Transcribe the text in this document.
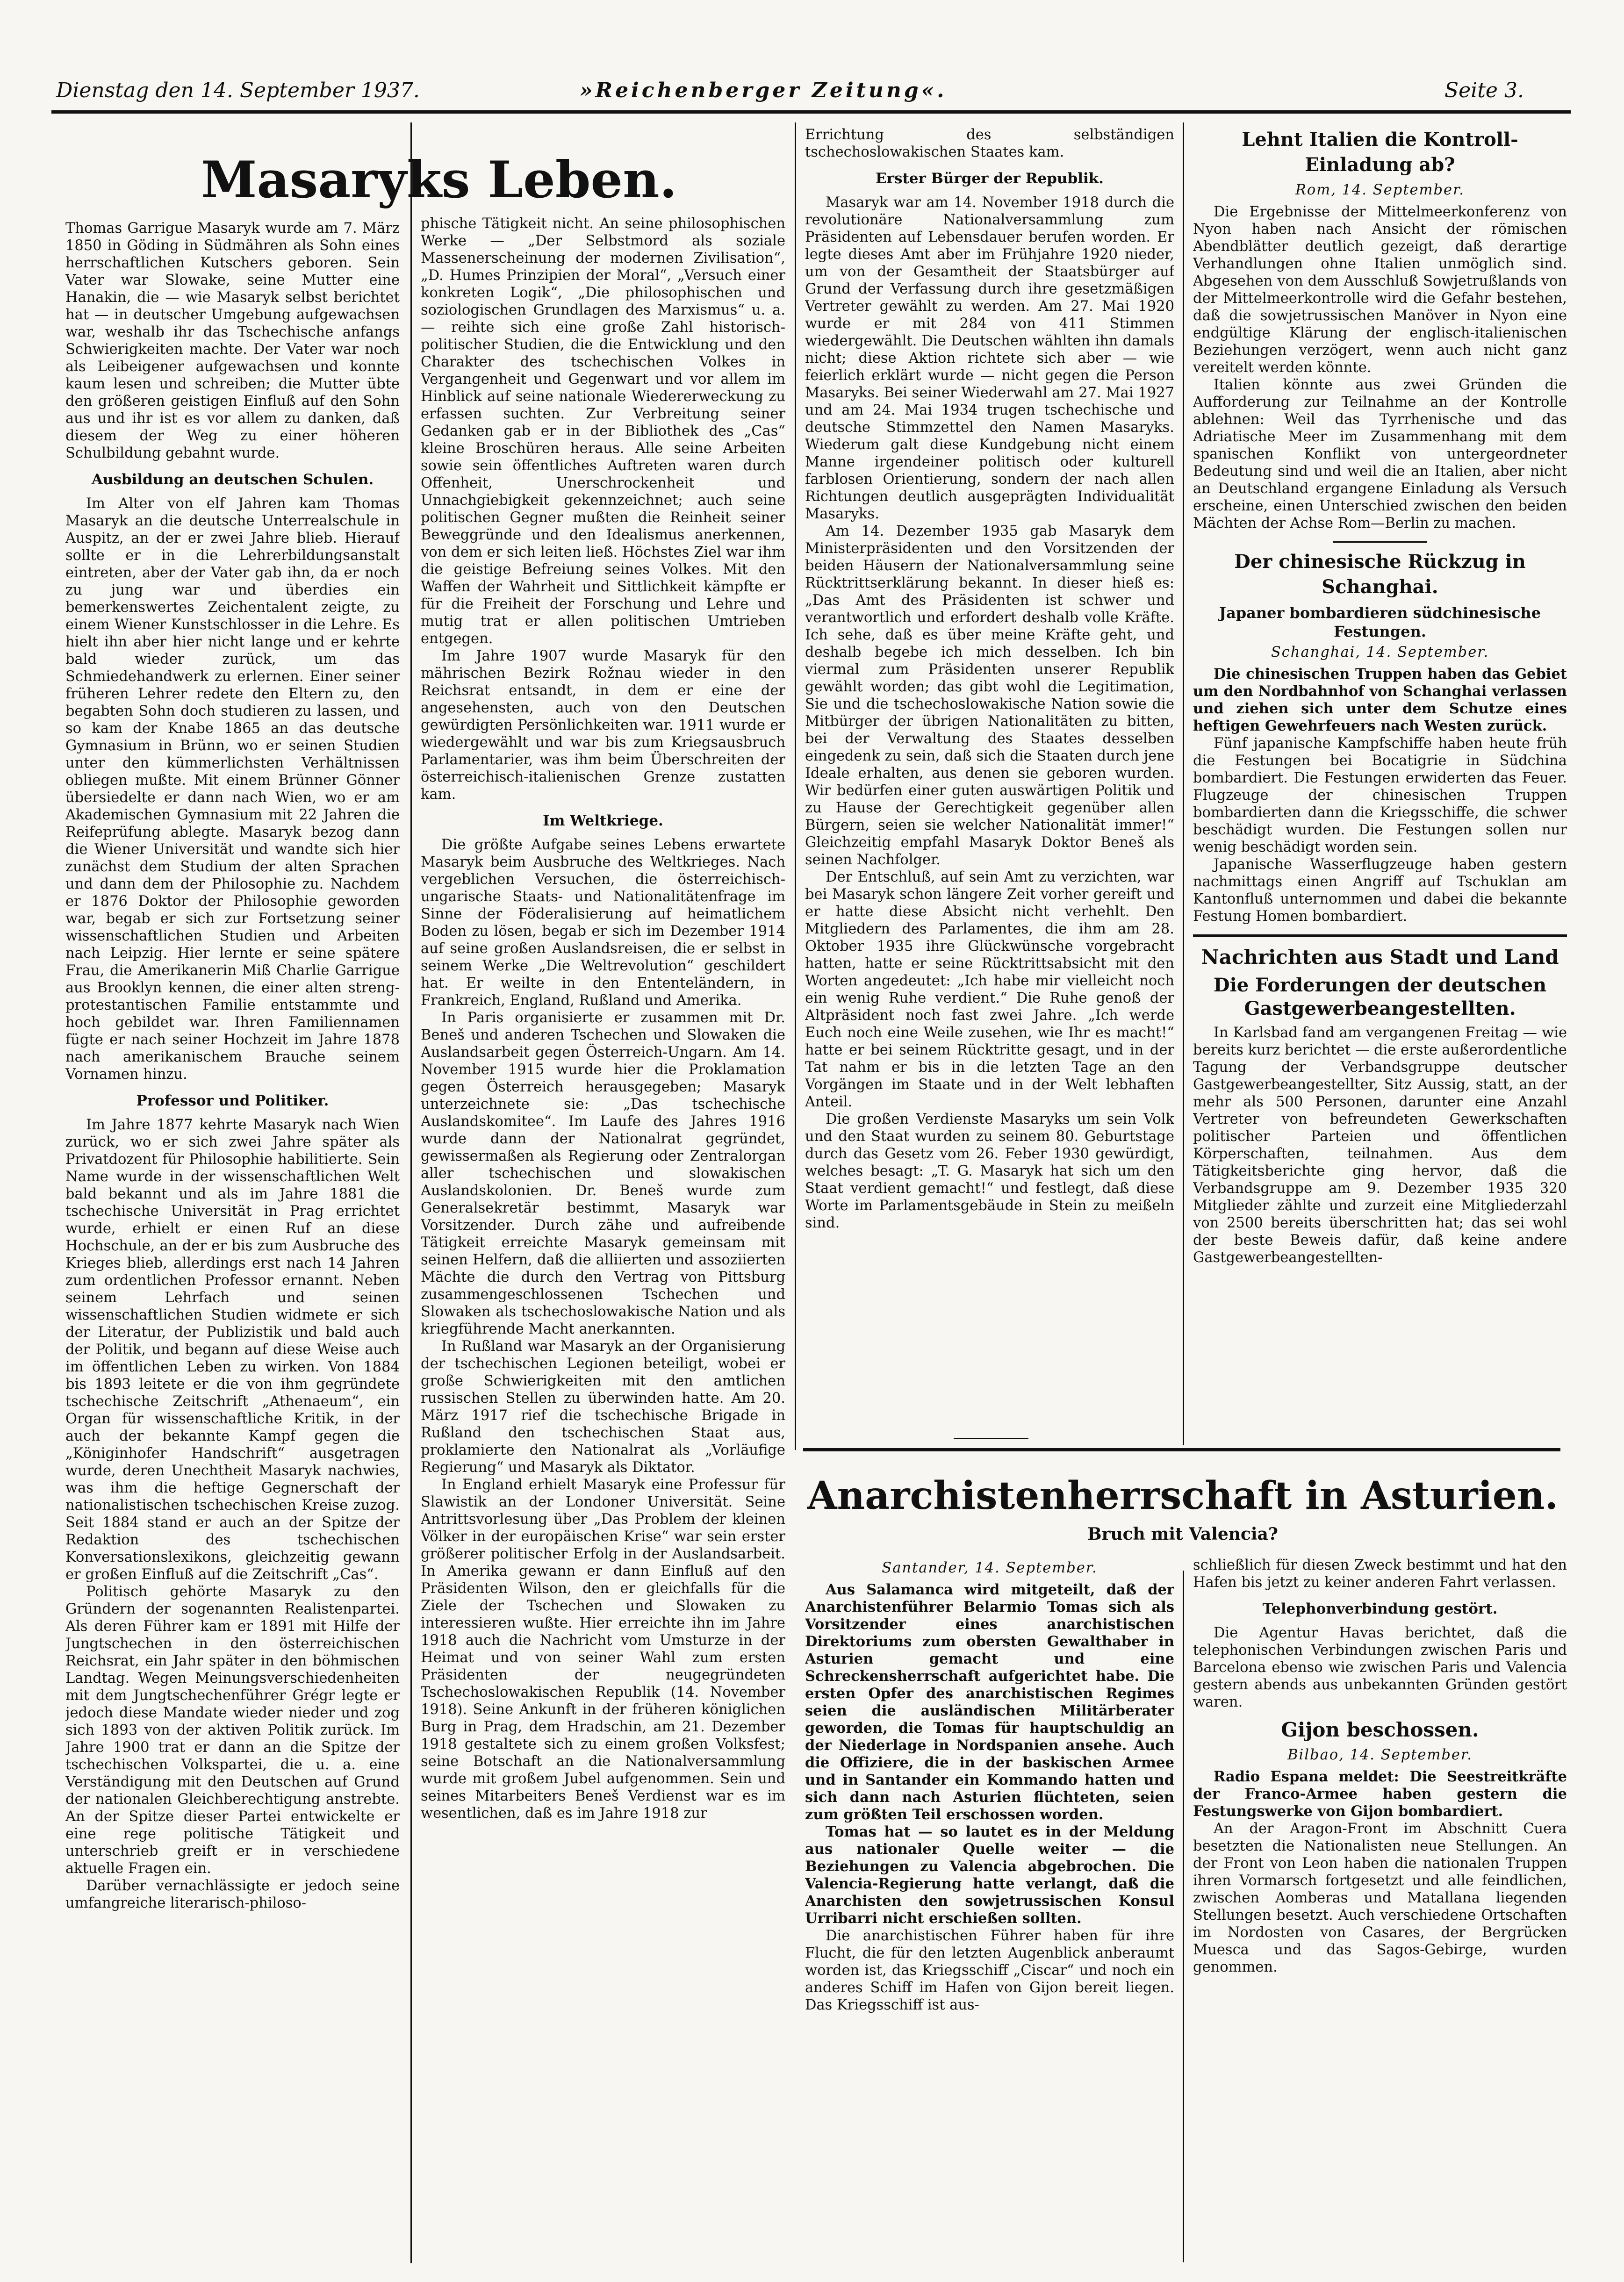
Dienstag den 14. September 1937.	»Reichenberger Zeitung«.	Seite 3.
Masaryks Leben.

Thomas Garrigue Masaryk wurde am 7. März 1850 in Göding in Südmähren als Sohn eines herrschaftlichen Kutschers geboren. Sein Vater war Slowake, seine Mutter eine Hanakin, die — wie Masaryk selbst berichtet hat — in deutscher Umgebung aufgewachsen war, weshalb ihr das Tschechische anfangs Schwierigkeiten machte. Der Vater war noch als Leibeigener aufgewachsen und konnte kaum lesen und schreiben; die Mutter übte den größeren geistigen Einfluß auf den Sohn aus und ihr ist es vor allem zu danken, daß diesem der Weg zu einer höheren Schulbildung gebahnt wurde.

Ausbildung an deutschen Schulen.

Im Alter von elf Jahren kam Thomas Masaryk an die deutsche Unterrealschule in Auspitz, an der er zwei Jahre blieb. Hierauf sollte er in die Lehrerbildungsanstalt eintreten, aber der Vater gab ihn, da er noch zu jung war und überdies ein bemerkenswertes Zeichentalent zeigte, zu einem Wiener Kunstschlosser in die Lehre. Es hielt ihn aber hier nicht lange und er kehrte bald wieder zurück, um das Schmiedehandwerk zu erlernen. Einer seiner früheren Lehrer redete den Eltern zu, den begabten Sohn doch studieren zu lassen, und so kam der Knabe 1865 an das deutsche Gymnasium in Brünn, wo er seinen Studien unter den kümmerlichsten Verhältnissen obliegen mußte. Mit einem Brünner Gönner übersiedelte er dann nach Wien, wo er am Akademischen Gymnasium mit 22 Jahren die Reifeprüfung ablegte. Masaryk bezog dann die Wiener Universität und wandte sich hier zunächst dem Studium der alten Sprachen und dann dem der Philosophie zu. Nachdem er 1876 Doktor der Philosophie geworden war, begab er sich zur Fortsetzung seiner wissenschaftlichen Studien und Arbeiten nach Leipzig. Hier lernte er seine spätere Frau, die Amerikanerin Miß Charlie Garrigue aus Brooklyn kennen, die einer alten streng-protestantischen Familie entstammte und hoch gebildet war. Ihren Familiennamen fügte er nach seiner Hochzeit im Jahre 1878 nach amerikanischem Brauche seinem Vornamen hinzu.

Professor und Politiker.

Im Jahre 1877 kehrte Masaryk nach Wien zurück, wo er sich zwei Jahre später als Privatdozent für Philosophie habilitierte. Sein Name wurde in der wissenschaftlichen Welt bald bekannt und als im Jahre 1881 die tschechische Universität in Prag errichtet wurde, erhielt er einen Ruf an diese Hochschule, an der er bis zum Ausbruche des Krieges blieb, allerdings erst nach 14 Jahren zum ordentlichen Professor ernannt. Neben seinem Lehrfach und seinen wissenschaftlichen Studien widmete er sich der Literatur, der Publizistik und bald auch der Politik, und begann auf diese Weise auch im öffentlichen Leben zu wirken. Von 1884 bis 1893 leitete er die von ihm gegründete tschechische Zeitschrift „Athenaeum“, ein Organ für wissenschaftliche Kritik, in der auch der bekannte Kampf gegen die „Königinhofer Handschrift“ ausgetragen wurde, deren Unechtheit Masaryk nachwies, was ihm die heftige Gegnerschaft der nationalistischen tschechischen Kreise zuzog. Seit 1884 stand er auch an der Spitze der Redaktion des tschechischen Konversationslexikons, gleichzeitig gewann er großen Einfluß auf die Zeitschrift „Cas“.

Politisch gehörte Masaryk zu den Gründern der sogenannten Realistenpartei. Als deren Führer kam er 1891 mit Hilfe der Jungtschechen in den österreichischen Reichsrat, ein Jahr später in den böhmischen Landtag. Wegen Meinungsverschiedenheiten mit dem Jungtschechenführer Grégr legte er jedoch diese Mandate wieder nieder und zog sich 1893 von der aktiven Politik zurück. Im Jahre 1900 trat er dann an die Spitze der tschechischen Volkspartei, die u. a. eine Verständigung mit den Deutschen auf Grund der nationalen Gleichberechtigung anstrebte. An der Spitze dieser Partei entwickelte er eine rege politische Tätigkeit und unterschrieb greift er in verschiedene aktuelle Fragen ein.

Darüber vernachlässigte er jedoch seine umfangreiche literarisch-philoso-

phische Tätigkeit nicht. An seine philosophischen Werke — „Der Selbstmord als soziale Massenerscheinung der modernen Zivilisation“, „D. Humes Prinzipien der Moral“, „Versuch einer konkreten Logik“, „Die philosophischen und soziologischen Grundlagen des Marxismus“ u. a. — reihte sich eine große Zahl historisch-politischer Studien, die die Entwicklung und den Charakter des tschechischen Volkes in Vergangenheit und Gegenwart und vor allem im Hinblick auf seine nationale Wiedererweckung zu erfassen suchten. Zur Verbreitung seiner Gedanken gab er in der Bibliothek des „Cas“ kleine Broschüren heraus. Alle seine Arbeiten sowie sein öffentliches Auftreten waren durch Offenheit, Unerschrockenheit und Unnachgiebigkeit gekennzeichnet; auch seine politischen Gegner mußten die Reinheit seiner Beweggründe und den Idealismus anerkennen, von dem er sich leiten ließ. Höchstes Ziel war ihm die geistige Befreiung seines Volkes. Mit den Waffen der Wahrheit und Sittlichkeit kämpfte er für die Freiheit der Forschung und Lehre und mutig trat er allen politischen Umtrieben entgegen.

Im Jahre 1907 wurde Masaryk für den mährischen Bezirk Rožnau wieder in den Reichsrat entsandt, in dem er eine der angesehensten, auch von den Deutschen gewürdigten Persönlichkeiten war. 1911 wurde er wiedergewählt und war bis zum Kriegsausbruch Parlamentarier, was ihm beim Überschreiten der österreichisch-italienischen Grenze zustatten kam.

Im Weltkriege.

Die größte Aufgabe seines Lebens erwartete Masaryk beim Ausbruche des Weltkrieges. Nach vergeblichen Versuchen, die österreichisch-ungarische Staats- und Nationalitätenfrage im Sinne der Föderalisierung auf heimatlichem Boden zu lösen, begab er sich im Dezember 1914 auf seine großen Auslandsreisen, die er selbst in seinem Werke „Die Weltrevolution“ geschildert hat. Er weilte in den Ententeländern, in Frankreich, England, Rußland und Amerika.

In Paris organisierte er zusammen mit Dr. Beneš und anderen Tschechen und Slowaken die Auslandsarbeit gegen Österreich-Ungarn. Am 14. November 1915 wurde hier die Proklamation gegen Österreich herausgegeben; Masaryk unterzeichnete sie: „Das tschechische Auslandskomitee“. Im Laufe des Jahres 1916 wurde dann der Nationalrat gegründet, gewissermaßen als Regierung oder Zentralorgan aller tschechischen und slowakischen Auslandskolonien. Dr. Beneš wurde zum Generalsekretär bestimmt, Masaryk war Vorsitzender. Durch zähe und aufreibende Tätigkeit erreichte Masaryk gemeinsam mit seinen Helfern, daß die alliierten und assoziierten Mächte die durch den Vertrag von Pittsburg zusammengeschlossenen Tschechen und Slowaken als tschechoslowakische Nation und als kriegführende Macht anerkannten.

In Rußland war Masaryk an der Organisierung der tschechischen Legionen beteiligt, wobei er große Schwierigkeiten mit den amtlichen russischen Stellen zu überwinden hatte. Am 20. März 1917 rief die tschechische Brigade in Rußland den tschechischen Staat aus, proklamierte den Nationalrat als „Vorläufige Regierung“ und Masaryk als Diktator.

In England erhielt Masaryk eine Professur für Slawistik an der Londoner Universität. Seine Antrittsvorlesung über „Das Problem der kleinen Völker in der europäischen Krise“ war sein erster größerer politischer Erfolg in der Auslandsarbeit. In Amerika gewann er dann Einfluß auf den Präsidenten Wilson, den er gleichfalls für die Ziele der Tschechen und Slowaken zu interessieren wußte. Hier erreichte ihn im Jahre 1918 auch die Nachricht vom Umsturze in der Heimat und von seiner Wahl zum ersten Präsidenten der neugegründeten Tschechoslowakischen Republik (14. November 1918). Seine Ankunft in der früheren königlichen Burg in Prag, dem Hradschin, am 21. Dezember 1918 gestaltete sich zu einem großen Volksfest; seine Botschaft an die Nationalversammlung wurde mit großem Jubel aufgenommen. Sein und seines Mitarbeiters Beneš Verdienst war es im wesentlichen, daß es im Jahre 1918 zur

Errichtung des selbständigen tschechoslowakischen Staates kam.

Erster Bürger der Republik.

Masaryk war am 14. November 1918 durch die revolutionäre Nationalversammlung zum Präsidenten auf Lebensdauer berufen worden. Er legte dieses Amt aber im Frühjahre 1920 nieder, um von der Gesamtheit der Staatsbürger auf Grund der Verfassung durch ihre gesetzmäßigen Vertreter gewählt zu werden. Am 27. Mai 1920 wurde er mit 284 von 411 Stimmen wiedergewählt. Die Deutschen wählten ihn damals nicht; diese Aktion richtete sich aber — wie feierlich erklärt wurde — nicht gegen die Person Masaryks. Bei seiner Wiederwahl am 27. Mai 1927 und am 24. Mai 1934 trugen tschechische und deutsche Stimmzettel den Namen Masaryks. Wiederum galt diese Kundgebung nicht einem Manne irgendeiner politisch oder kulturell farblosen Orientierung, sondern der nach allen Richtungen deutlich ausgeprägten Individualität Masaryks.

Am 14. Dezember 1935 gab Masaryk dem Ministerpräsidenten und den Vorsitzenden der beiden Häusern der Nationalversammlung seine Rücktrittserklärung bekannt. In dieser hieß es: „Das Amt des Präsidenten ist schwer und verantwortlich und erfordert deshalb volle Kräfte. Ich sehe, daß es über meine Kräfte geht, und deshalb begebe ich mich desselben. Ich bin viermal zum Präsidenten unserer Republik gewählt worden; das gibt wohl die Legitimation, Sie und die tschechoslowakische Nation sowie die Mitbürger der übrigen Nationalitäten zu bitten, bei der Verwaltung des Staates desselben eingedenk zu sein, daß sich die Staaten durch jene Ideale erhalten, aus denen sie geboren wurden. Wir bedürfen einer guten auswärtigen Politik und zu Hause der Gerechtigkeit gegenüber allen Bürgern, seien sie welcher Nationalität immer!“ Gleichzeitig empfahl Masaryk Doktor Beneš als seinen Nachfolger.

Der Entschluß, auf sein Amt zu verzichten, war bei Masaryk schon längere Zeit vorher gereift und er hatte diese Absicht nicht verhehlt. Den Mitgliedern des Parlamentes, die ihm am 28. Oktober 1935 ihre Glückwünsche vorgebracht hatten, hatte er seine Rücktrittsabsicht mit den Worten angedeutet: „Ich habe mir vielleicht noch ein wenig Ruhe verdient.“ Die Ruhe genoß der Altpräsident noch fast zwei Jahre. „Ich werde Euch noch eine Weile zusehen, wie Ihr es macht!“ hatte er bei seinem Rücktritte gesagt, und in der Tat nahm er bis in die letzten Tage an den Vorgängen im Staate und in der Welt lebhaften Anteil.

Die großen Verdienste Masaryks um sein Volk und den Staat wurden zu seinem 80. Geburtstage durch das Gesetz vom 26. Feber 1930 gewürdigt, welches besagt: „T. G. Masaryk hat sich um den Staat verdient gemacht!“ und festlegt, daß diese Worte im Parlamentsgebäude in Stein zu meißeln sind.

Lehnt Italien die Kontroll-Einladung ab?
Rom, 14. September.

Die Ergebnisse der Mittelmeerkonferenz von Nyon haben nach Ansicht der römischen Abendblätter deutlich gezeigt, daß derartige Verhandlungen ohne Italien unmöglich sind. Abgesehen von dem Ausschluß Sowjetrußlands von der Mittelmeerkontrolle wird die Gefahr bestehen, daß die sowjetrussischen Manöver in Nyon eine endgültige Klärung der englisch-italienischen Beziehungen verzögert, wenn auch nicht ganz vereitelt werden könnte.

Italien könnte aus zwei Gründen die Aufforderung zur Teilnahme an der Kontrolle ablehnen: Weil das Tyrrhenische und das Adriatische Meer im Zusammenhang mit dem spanischen Konflikt von untergeordneter Bedeutung sind und weil die an Italien, aber nicht an Deutschland ergangene Einladung als Versuch erscheine, einen Unterschied zwischen den beiden Mächten der Achse Rom—Berlin zu machen.

Der chinesische Rückzug in Schanghai.
Japaner bombardieren südchinesische Festungen.
Schanghai, 14. September.

Die chinesischen Truppen haben das Gebiet um den Nordbahnhof von Schanghai verlassen und ziehen sich unter dem Schutze eines heftigen Gewehrfeuers nach Westen zurück.

Fünf japanische Kampfschiffe haben heute früh die Festungen bei Bocatigrie in Südchina bombardiert. Die Festungen erwiderten das Feuer. Flugzeuge der chinesischen Truppen bombardierten dann die Kriegsschiffe, die schwer beschädigt wurden. Die Festungen sollen nur wenig beschädigt worden sein.

Japanische Wasserflugzeuge haben gestern nachmittags einen Angriff auf Tschuklan am Kantonfluß unternommen und dabei die bekannte Festung Homen bombardiert.

Nachrichten aus Stadt und Land
Die Forderungen der deutschen Gastgewerbeangestellten.

In Karlsbad fand am vergangenen Freitag — wie bereits kurz berichtet — die erste außerordentliche Tagung der Verbandsgruppe deutscher Gastgewerbeangestellter, Sitz Aussig, statt, an der mehr als 500 Personen, darunter eine Anzahl Vertreter von befreundeten Gewerkschaften politischer Parteien und öffentlichen Körperschaften, teilnahmen. Aus dem Tätigkeitsberichte ging hervor, daß die Verbandsgruppe am 9. Dezember 1935 320 Mitglieder zählte und zurzeit eine Mitgliederzahl von 2500 bereits überschritten hat; das sei wohl der beste Beweis dafür, daß keine andere Gastgewerbeangestellten-

Anarchistenherrschaft in Asturien.
Bruch mit Valencia?
Santander, 14. September.

Aus Salamanca wird mitgeteilt, daß der Anarchistenführer Belarmio Tomas sich als Vorsitzender eines anarchistischen Direktoriums zum obersten Gewalthaber in Asturien gemacht und eine Schreckensherrschaft aufgerichtet habe. Die ersten Opfer des anarchistischen Regimes seien die ausländischen Militärberater geworden, die Tomas für hauptschuldig an der Niederlage in Nordspanien ansehe. Auch die Offiziere, die in der baskischen Armee und in Santander ein Kommando hatten und sich dann nach Asturien flüchteten, seien zum größten Teil erschossen worden.

Tomas hat — so lautet es in der Meldung aus nationaler Quelle weiter — die Beziehungen zu Valencia abgebrochen. Die Valencia-Regierung hatte verlangt, daß die Anarchisten den sowjetrussischen Konsul Urribarri nicht erschießen sollten.

Die anarchistischen Führer haben für ihre Flucht, die für den letzten Augenblick anberaumt worden ist, das Kriegsschiff „Ciscar“ und noch ein anderes Schiff im Hafen von Gijon bereit liegen. Das Kriegsschiff ist aus-

schließlich für diesen Zweck bestimmt und hat den Hafen bis jetzt zu keiner anderen Fahrt verlassen.

Telephonverbindung gestört.

Die Agentur Havas berichtet, daß die telephonischen Verbindungen zwischen Paris und Barcelona ebenso wie zwischen Paris und Valencia gestern abends aus unbekannten Gründen gestört waren.

Gijon beschossen.
Bilbao, 14. September.

Radio Espana meldet: Die Seestreitkräfte der Franco-Armee haben gestern die Festungswerke von Gijon bombardiert.

An der Aragon-Front im Abschnitt Cuera besetzten die Nationalisten neue Stellungen. An der Front von Leon haben die nationalen Truppen ihren Vormarsch fortgesetzt und alle feindlichen, zwischen Aomberas und Matallana liegenden Stellungen besetzt. Auch verschiedene Ortschaften im Nordosten von Casares, der Bergrücken Muesca und das Sagos-Gebirge, wurden genommen.
